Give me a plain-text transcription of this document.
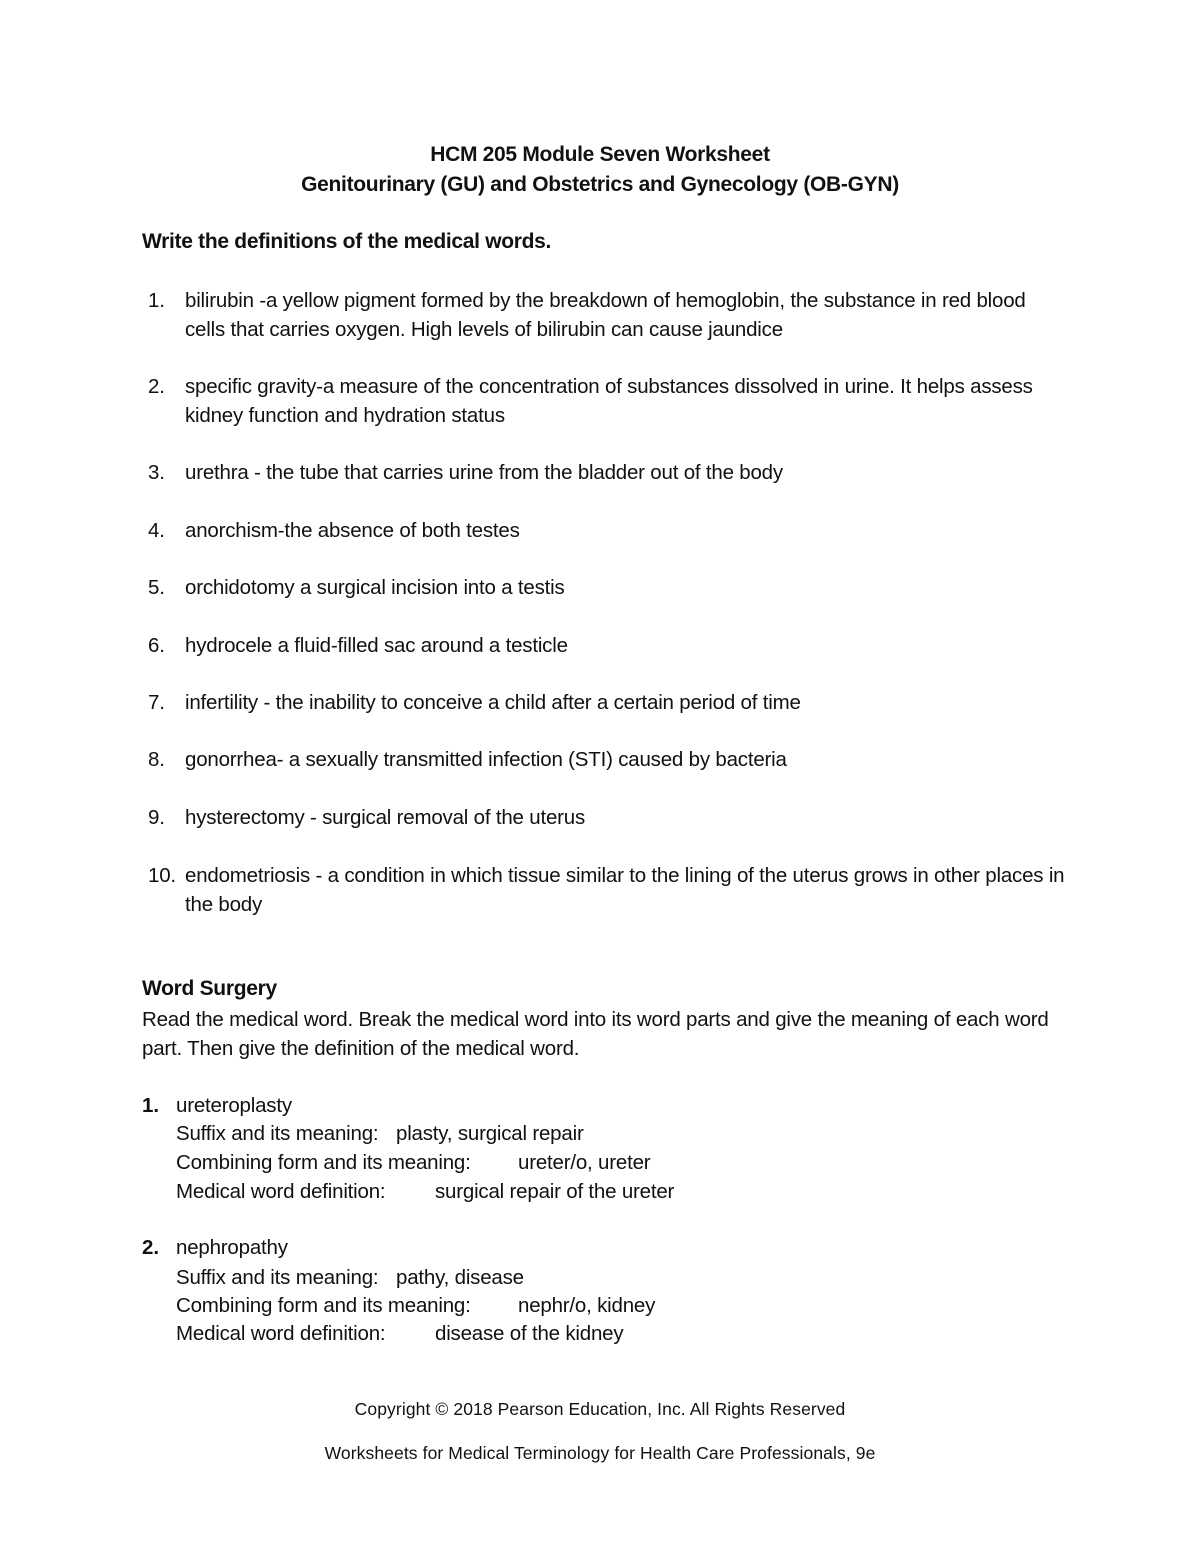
HCM 205 Module Seven Worksheet
Genitourinary (GU) and Obstetrics and Gynecology (OB-GYN)
Write the definitions of the medical words.
1. bilirubin -a yellow pigment formed by the breakdown of hemoglobin, the substance in red blood cells that carries oxygen. High levels of bilirubin can cause jaundice
2. specific gravity-a measure of the concentration of substances dissolved in urine. It helps assess kidney function and hydration status
3. urethra - the tube that carries urine from the bladder out of the body
4. anorchism-the absence of both testes
5. orchidotomy a surgical incision into a testis
6. hydrocele a fluid-filled sac around a testicle
7. infertility - the inability to conceive a child after a certain period of time
8. gonorrhea- a sexually transmitted infection (STI) caused by bacteria
9. hysterectomy - surgical removal of the uterus
10. endometriosis - a condition in which tissue similar to the lining of the uterus grows in other places in the body
Word Surgery
Read the medical word. Break the medical word into its word parts and give the meaning of each word part. Then give the definition of the medical word.
1. ureteroplasty
Suffix and its meaning: plasty, surgical repair
Combining form and its meaning: ureter/o, ureter
Medical word definition: surgical repair of the ureter
2. nephropathy
Suffix and its meaning: pathy, disease
Combining form and its meaning: nephr/o, kidney
Medical word definition: disease of the kidney
Copyright © 2018 Pearson Education, Inc. All Rights Reserved
Worksheets for Medical Terminology for Health Care Professionals, 9e
